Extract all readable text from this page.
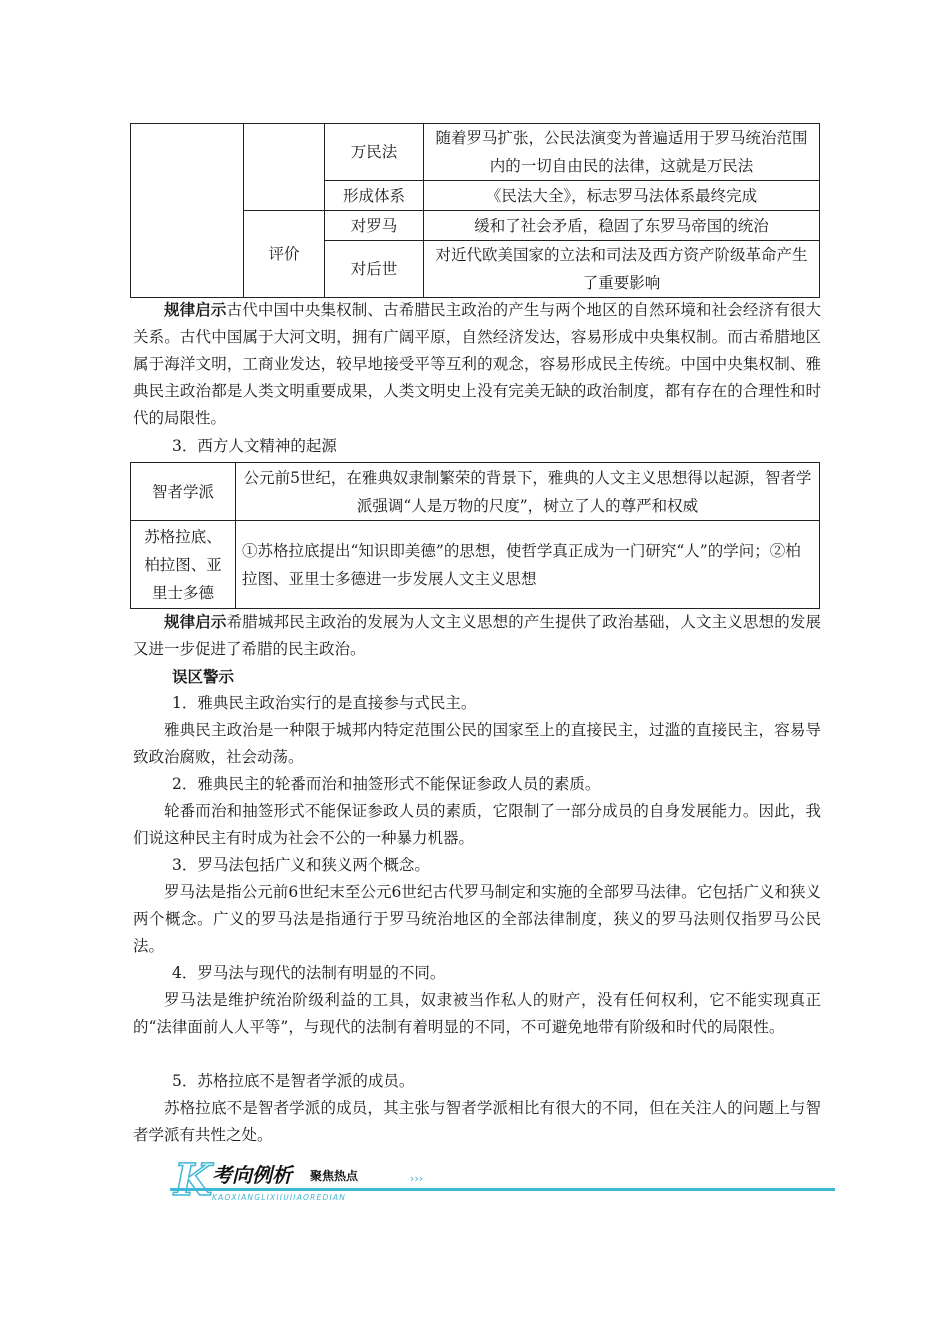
		万民法	随着罗马扩张，公民法演变为普遍适用于罗马统治范围内的一切自由民的法律，这就是万民法
		形成体系	《民法大全》，标志罗马法体系最终完成
	评价	对罗马	缓和了社会矛盾，稳固了东罗马帝国的统治
		对后世	对近代欧美国家的立法和司法及西方资产阶级革命产生了重要影响

规律启示古代中国中央集权制、古希腊民主政治的产生与两个地区的自然环境和社会经济有很大关系。古代中国属于大河文明，拥有广阔平原，自然经济发达，容易形成中央集权制。而古希腊地区属于海洋文明，工商业发达，较早地接受平等互利的观念，容易形成民主传统。中国中央集权制、雅典民主政治都是人类文明重要成果，人类文明史上没有完美无缺的政治制度，都有存在的合理性和时代的局限性。

3．西方人文精神的起源

智者学派	公元前5世纪，在雅典奴隶制繁荣的背景下，雅典的人文主义思想得以起源，智者学派强调“人是万物的尺度”，树立了人的尊严和权威
苏格拉底、柏拉图、亚里士多德	①苏格拉底提出“知识即美德”的思想，使哲学真正成为一门研究“人”的学问；②柏拉图、亚里士多德进一步发展人文主义思想

规律启示希腊城邦民主政治的发展为人文主义思想的产生提供了政治基础，人文主义思想的发展又进一步促进了希腊的民主政治。

误区警示

1．雅典民主政治实行的是直接参与式民主。

雅典民主政治是一种限于城邦内特定范围公民的国家至上的直接民主，过滥的直接民主，容易导致政治腐败，社会动荡。

2．雅典民主的轮番而治和抽签形式不能保证参政人员的素质。

轮番而治和抽签形式不能保证参政人员的素质，它限制了一部分成员的自身发展能力。因此，我们说这种民主有时成为社会不公的一种暴力机器。

3．罗马法包括广义和狭义两个概念。

罗马法是指公元前6世纪末至公元6世纪古代罗马制定和实施的全部罗马法律。它包括广义和狭义两个概念。广义的罗马法是指通行于罗马统治地区的全部法律制度，狭义的罗马法则仅指罗马公民法。

4．罗马法与现代的法制有明显的不同。

罗马法是维护统治阶级利益的工具，奴隶被当作私人的财产，没有任何权利，它不能实现真正的“法律面前人人平等”，与现代的法制有着明显的不同，不可避免地带有阶级和时代的局限性。

5．苏格拉底不是智者学派的成员。

苏格拉底不是智者学派的成员，其主张与智者学派相比有很大的不同，但在关注人的问题上与智者学派有共性之处。

K 考向例析 聚焦热点	›››
KAOXIANGLIXIJUJIAOREDIAN
